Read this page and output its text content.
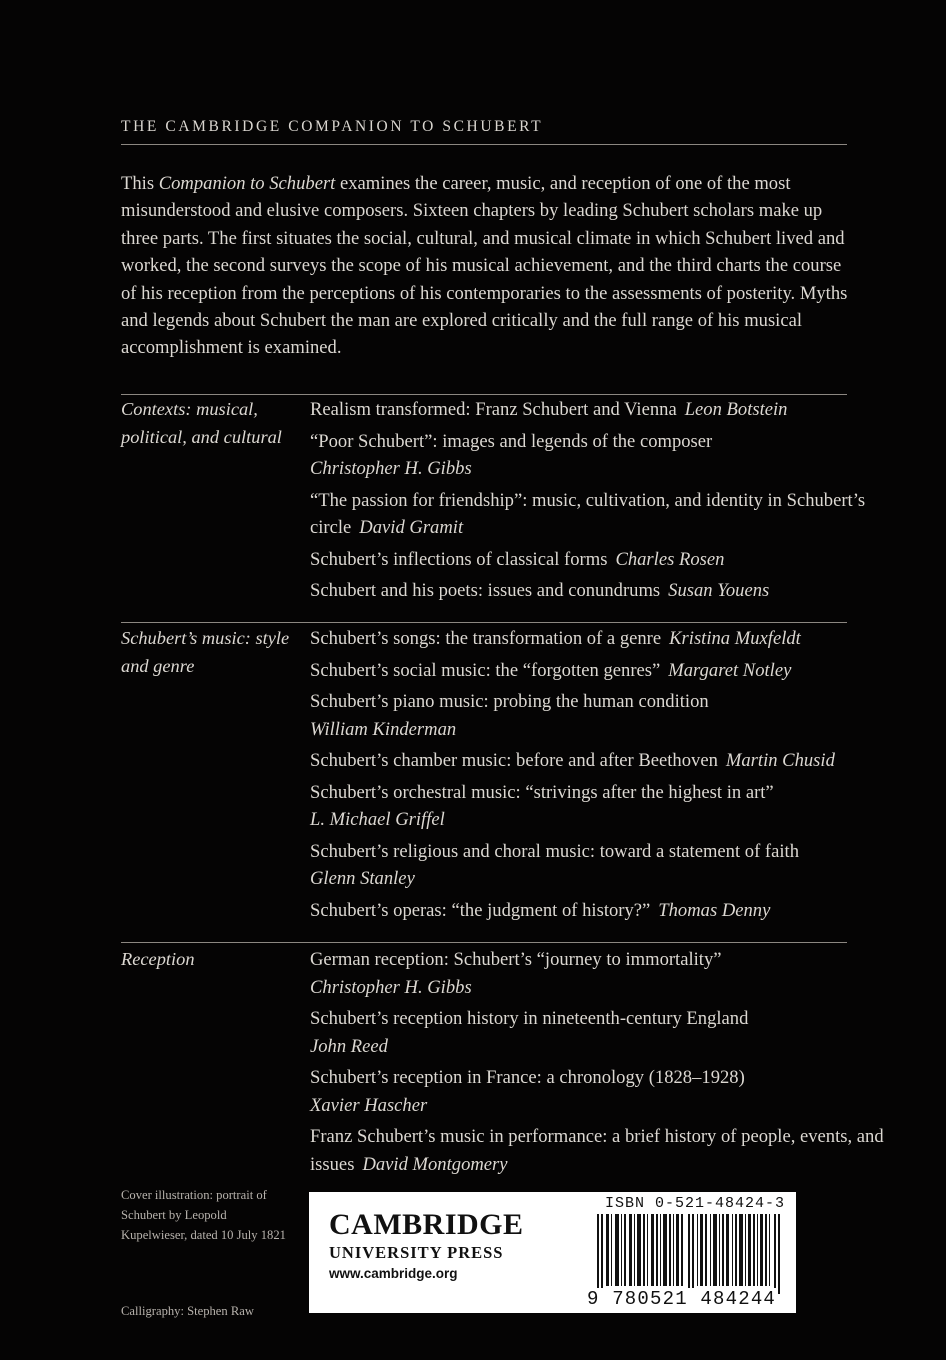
THE CAMBRIDGE COMPANION TO SCHUBERT
This Companion to Schubert examines the career, music, and reception of one of the most misunderstood and elusive composers. Sixteen chapters by leading Schubert scholars make up three parts. The first situates the social, cultural, and musical climate in which Schubert lived and worked, the second surveys the scope of his musical achievement, and the third charts the course of his reception from the perceptions of his contemporaries to the assessments of posterity. Myths and legends about Schubert the man are explored critically and the full range of his musical accomplishment is examined.
Contexts: musical, political, and cultural
Realism transformed: Franz Schubert and Vienna Leon Botstein
“Poor Schubert”: images and legends of the composer
Christopher H. Gibbs
“The passion for friendship”: music, cultivation, and identity in Schubert’s circle David Gramit
Schubert’s inflections of classical forms Charles Rosen
Schubert and his poets: issues and conundrums Susan Youens
Schubert’s music: style and genre
Schubert’s songs: the transformation of a genre Kristina Muxfeldt
Schubert’s social music: the “forgotten genres” Margaret Notley
Schubert’s piano music: probing the human condition
William Kinderman
Schubert’s chamber music: before and after Beethoven Martin Chusid
Schubert’s orchestral music: “strivings after the highest in art”
L. Michael Griffel
Schubert’s religious and choral music: toward a statement of faith
Glenn Stanley
Schubert’s operas: “the judgment of history?” Thomas Denny
Reception	German reception: Schubert’s “journey to immortality”
Christopher H. Gibbs
Schubert’s reception history in nineteenth-century England
John Reed
Schubert’s reception in France: a chronology (1828–1928)
Xavier Hascher
Franz Schubert’s music in performance: a brief history of people, events, and issues David Montgomery
Cover illustration: portrait of Schubert by Leopold Kupelwieser, dated 10 July 1821
Calligraphy: Stephen Raw
CAMBRIDGE
UNIVERSITY PRESS
www.cambridge.org
ISBN 0-521-48424-3
9 780521 484244
